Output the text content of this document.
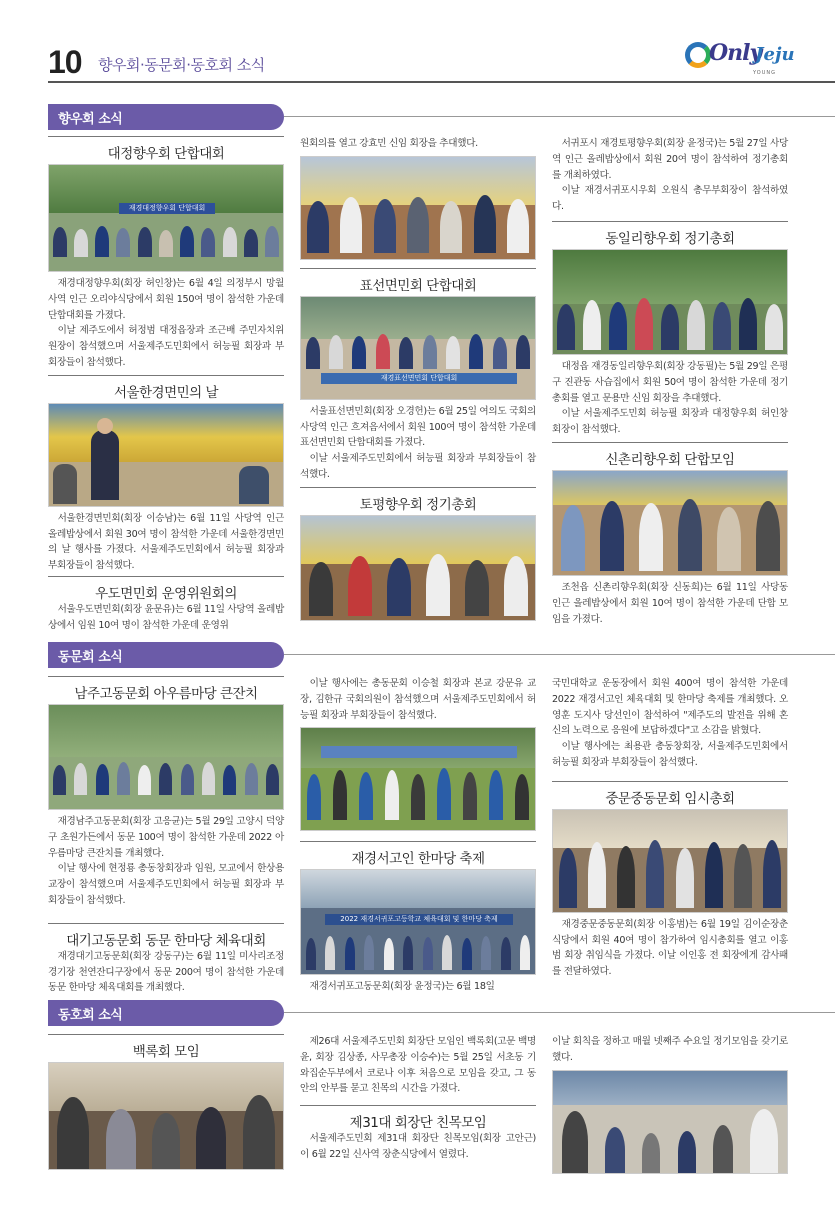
10 향우회·동문회·동호회 소식	Only
Jeju
YOUNG
향우회 소식
대정향우회 단합대회
재경대정향우회 단합대회
재경대정향우회(회장 허인창)는 6월 4일 의정부시 망월사역 인근 오리야식당에서 회원 150여 명이 참석한 가운데 단합대회를 가졌다.
이날 제주도에서 허정범 대정읍장과 조근배 주민자치위원장이 참석했으며 서울제주도민회에서 허능필 회장과 부회장들이 참석했다.
서울한경면민의 날
서울한경면민회(회장 이승남)는 6월 11일 사당역 인근 올레밥상에서 회원 30여 명이 참석한 가운데 서울한경면민의 날 행사를 가졌다. 서울제주도민회에서 허능필 회장과 부회장들이 참석했다.
우도면민회 운영위원회의
서울우도면민회(회장 윤문유)는 6월 11일 사당역 올레밥상에서 임원 10여 명이 참석한 가운데 운영위
원회의를 열고 강효민 신임 회장을 추대했다.
표선면민회 단합대회
재경표선면민회 단합대회
서울표선면민회(회장 오경헌)는 6월 25일 여의도 국회의사당역 인근 흐져음서에서 회원 100여 명이 참석한 가운데 표선면민회 단합대회를 가졌다.
이날 서울제주도민회에서 허능필 회장과 부회장들이 참석했다.
토평향우회 정기총회
서귀포시 재경토평향우회(회장 윤정국)는 5월 27일 사당역 인근 올레밥상에서 회원 20여 명이 참석하여 정기총회를 개최하였다.
이날 재경서귀포시우회 오원식 총무부회장이 참석하였다.
동일리향우회 정기총회
대정읍 재경동일리향우회(회장 강동필)는 5월 29일 은평구 진관동 사습집에서 회원 50여 명이 참석한 가운데 정기총회를 열고 문용만 신임 회장을 추대했다.
이날 서울제주도민회 허능필 회장과 대정향우회 허인창 회장이 참석했다.
신촌리향우회 단합모임
조천읍 신촌리향우회(회장 신동희)는 6월 11일 사당동 인근 올레밥상에서 회원 10여 명이 참석한 가운데 단합 모임을 가졌다.
동문회 소식
남주고동문회 아우름마당 큰잔치
재경남주고동문회(회장 고응균)는 5월 29일 고양시 덕양구 초원가든에서 동문 100여 명이 참석한 가운데 2022 아우름마당 큰잔치를 개최했다.
이날 행사에 현정룡 총동창회장과 임원, 모교에서 한상용 교장이 참석했으며 서울제주도민회에서 허능필 회장과 부회장들이 참석했다.
대기고동문회 동문 한마당 체육대회
재경대기고동문회(회장 강동구)는 6월 11일 미사리조정경기장 천연잔디구장에서 동문 200여 명이 참석한 가운데 동문 한마당 체육대회를 개최했다.
이날 행사에는 총동문회 이승철 회장과 본교 강문유 교장, 김한규 국회의원이 참석했으며 서울제주도민회에서 허능필 회장과 부회장들이 참석했다.
재경서고인 한마당 축제
2022 재경서귀포고등학교 체육대회 및 한마당 축제
재경서귀포고동문회(회장 윤정국)는 6월 18일
국민대학교 운동장에서 회원 400여 명이 참석한 가운데 2022 재경서고인 체육대회 및 한마당 축제를 개최했다. 오영훈 도지사 당선인이 참석하여 "제주도의 발전을 위해 혼신의 노력으로 응원에 보답하겠다"고 소감을 밝혔다.
이날 행사에는 최용관 총동창회장, 서울제주도민회에서 허능필 회장과 부회장들이 참석했다.
중문중동문회 임시총회
재경중문중동문회(회장 이홍범)는 6월 19일 김이순장춘식당에서 회원 40여 명이 참가하여 임시총회를 열고 이홍범 회장 취임식을 가졌다. 이날 이인홍 전 회장에게 감사패를 전달하였다.
동호회 소식
백록회 모임
제26대 서울제주도민회 회장단 모임인 백록회(고문 백명윤, 회장 김상종, 사무총장 이승수)는 5월 25일 서초동 기와집순두부에서 코로나 이후 처음으로 모임을 갖고, 그 동안의 안부를 묻고 친목의 시간을 가졌다.
제31대 회장단 친목모임
서울제주도민회 제31대 회장단 친목모임(회장 고안근)이 6월 22일 신사역 장춘식당에서 열렸다.
이날 회칙을 정하고 매월 넷째주 수요일 정기모임을 갖기로 했다.
